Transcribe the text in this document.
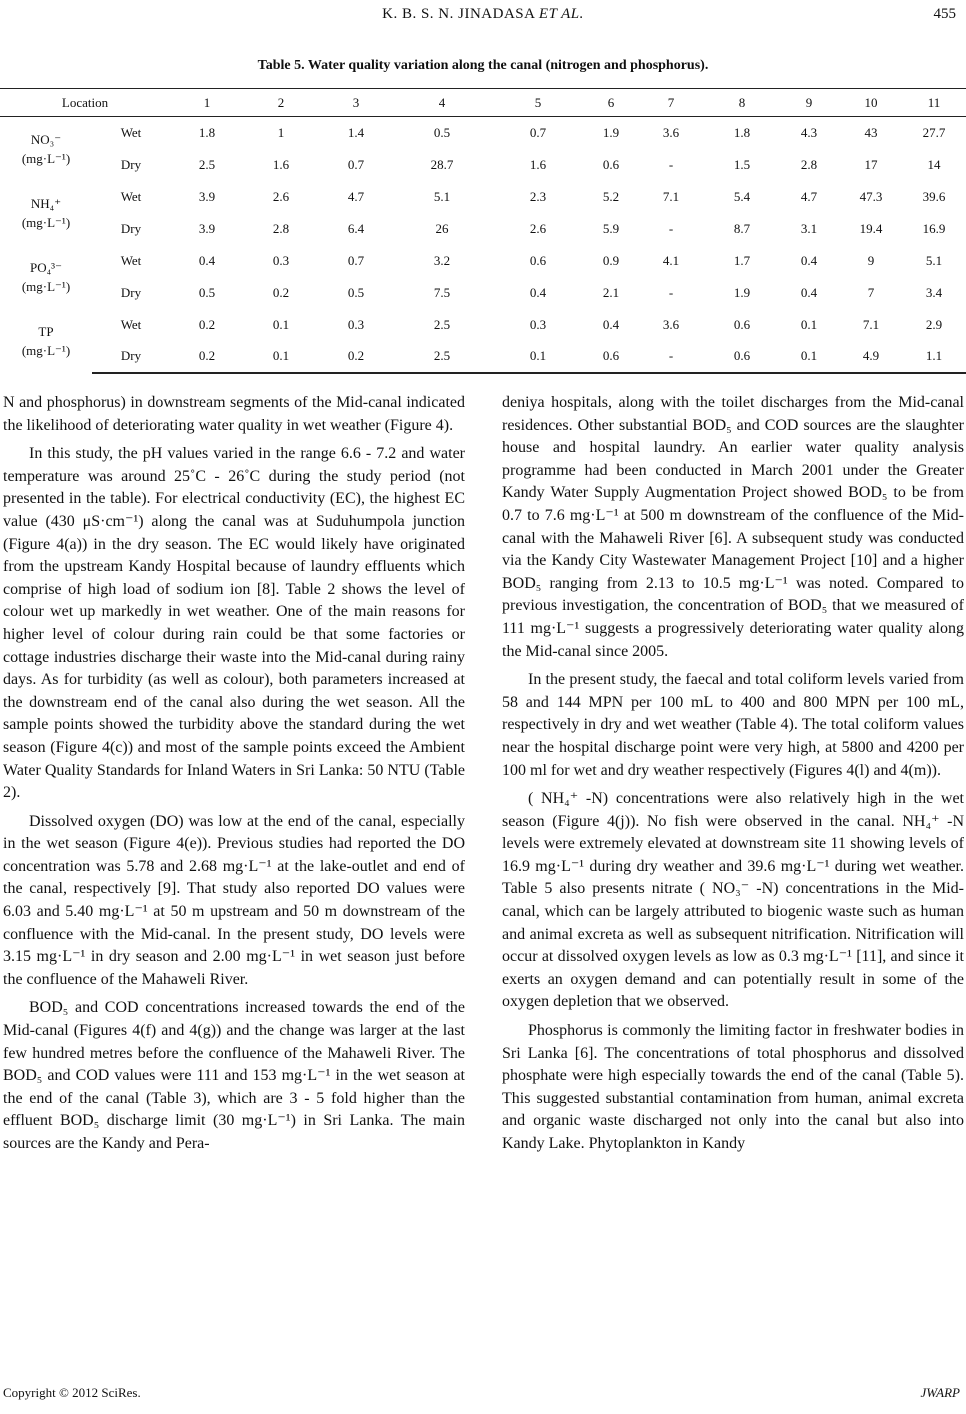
K. B. S. N. JINADASA ET AL.	455
Table 5. Water quality variation along the canal (nitrogen and phosphorus).
Location		1	2	3	4	5	6	7	8	9	10	11

NO₃⁻
(mg·L⁻¹)	Wet	1.8	1	1.4	0.5	0.7	1.9	3.6	1.8	4.3	43	27.7
	Dry	2.5	1.6	0.7	28.7	1.6	0.6	-	1.5	2.8	17	14

NH₄⁺
(mg·L⁻¹)	Wet	3.9	2.6	4.7	5.1	2.3	5.2	7.1	5.4	4.7	47.3	39.6
	Dry	3.9	2.8	6.4	26	2.6	5.9	-	8.7	3.1	19.4	16.9

PO₄³⁻
(mg·L⁻¹)	Wet	0.4	0.3	0.7	3.2	0.6	0.9	4.1	1.7	0.4	9	5.1
	Dry	0.5	0.2	0.5	7.5	0.4	2.1	-	1.9	0.4	7	3.4

TP
(mg·L⁻¹)	Wet	0.2	0.1	0.3	2.5	0.3	0.4	3.6	0.6	0.1	7.1	2.9
	Dry	0.2	0.1	0.2	2.5	0.1	0.6	-	0.6	0.1	4.9	1.1

N and phosphorus) in downstream segments of the Mid-canal indicated the likelihood of deteriorating water quality in wet weather (Figure 4).

In this study, the pH values varied in the range 6.6 - 7.2 and water temperature was around 25˚C - 26˚C during the study period (not presented in the table). For electrical conductivity (EC), the highest EC value (430 μS·cm⁻¹) along the canal was at Suduhumpola junction (Figure 4(a)) in the dry season. The EC would likely have originated from the upstream Kandy Hospital because of laundry effluents which comprise of high load of sodium ion [8]. Table 2 shows the level of colour wet up markedly in wet weather. One of the main reasons for higher level of colour during rain could be that some factories or cottage industries discharge their waste into the Mid-canal during rainy days. As for turbidity (as well as colour), both parameters increased at the downstream end of the canal also during the wet season. All the sample points showed the turbidity above the standard during the wet season (Figure 4(c)) and most of the sample points exceed the Ambient Water Quality Standards for Inland Waters in Sri Lanka: 50 NTU (Table 2).

Dissolved oxygen (DO) was low at the end of the canal, especially in the wet season (Figure 4(e)). Previous studies had reported the DO concentration was 5.78 and 2.68 mg·L⁻¹ at the lake-outlet and end of the canal, respectively [9]. That study also reported DO values were 6.03 and 5.40 mg·L⁻¹ at 50 m upstream and 50 m downstream of the confluence with the Mid-canal. In the present study, DO levels were 3.15 mg·L⁻¹ in dry season and 2.00 mg·L⁻¹ in wet season just before the confluence of the Mahaweli River.

BOD₅ and COD concentrations increased towards the end of the Mid-canal (Figures 4(f) and 4(g)) and the change was larger at the last few hundred metres before the confluence of the Mahaweli River. The BOD₅ and COD values were 111 and 153 mg·L⁻¹ in the wet season at the end of the canal (Table 3), which are 3 - 5 fold higher than the effluent BOD₅ discharge limit (30 mg·L⁻¹) in Sri Lanka. The main sources are the Kandy and Pera-

deniya hospitals, along with the toilet discharges from the Mid-canal residences. Other substantial BOD₅ and COD sources are the slaughter house and hospital laundry. An earlier water quality analysis programme had been conducted in March 2001 under the Greater Kandy Water Supply Augmentation Project showed BOD₅ to be from 0.7 to 7.6 mg·L⁻¹ at 500 m downstream of the confluence of the Mid-canal with the Mahaweli River [6]. A subsequent study was conducted via the Kandy City Wastewater Management Project [10] and a higher BOD₅ ranging from 2.13 to 10.5 mg·L⁻¹ was noted. Compared to previous investigation, the concentration of BOD₅ that we measured of 111 mg·L⁻¹ suggests a progressively deteriorating water quality along the Mid-canal since 2005.

In the present study, the faecal and total coliform levels varied from 58 and 144 MPN per 100 mL to 400 and 800 MPN per 100 mL, respectively in dry and wet weather (Table 4). The total coliform values near the hospital discharge point were very high, at 5800 and 4200 per 100 ml for wet and dry weather respectively (Figures 4(l) and 4(m)).

( NH₄⁺ -N) concentrations were also relatively high in the wet season (Figure 4(j)). No fish were observed in the canal. NH₄⁺ -N levels were extremely elevated at downstream site 11 showing levels of 16.9 mg·L⁻¹ during dry weather and 39.6 mg·L⁻¹ during wet weather. Table 5 also presents nitrate ( NO₃⁻ -N) concentrations in the Mid-canal, which can be largely attributed to biogenic waste such as human and animal excreta as well as subsequent nitrification. Nitrification will occur at dissolved oxygen levels as low as 0.3 mg·L⁻¹ [11], and since it exerts an oxygen demand and can potentially result in some of the oxygen depletion that we observed.

Phosphorus is commonly the limiting factor in freshwater bodies in Sri Lanka [6]. The concentrations of total phosphorus and dissolved phosphate were high especially towards the end of the canal (Table 5). This suggested substantial contamination from human, animal excreta and organic waste discharged not only into the canal but also into Kandy Lake. Phytoplankton in Kandy

Copyright © 2012 SciRes.	JWARP
